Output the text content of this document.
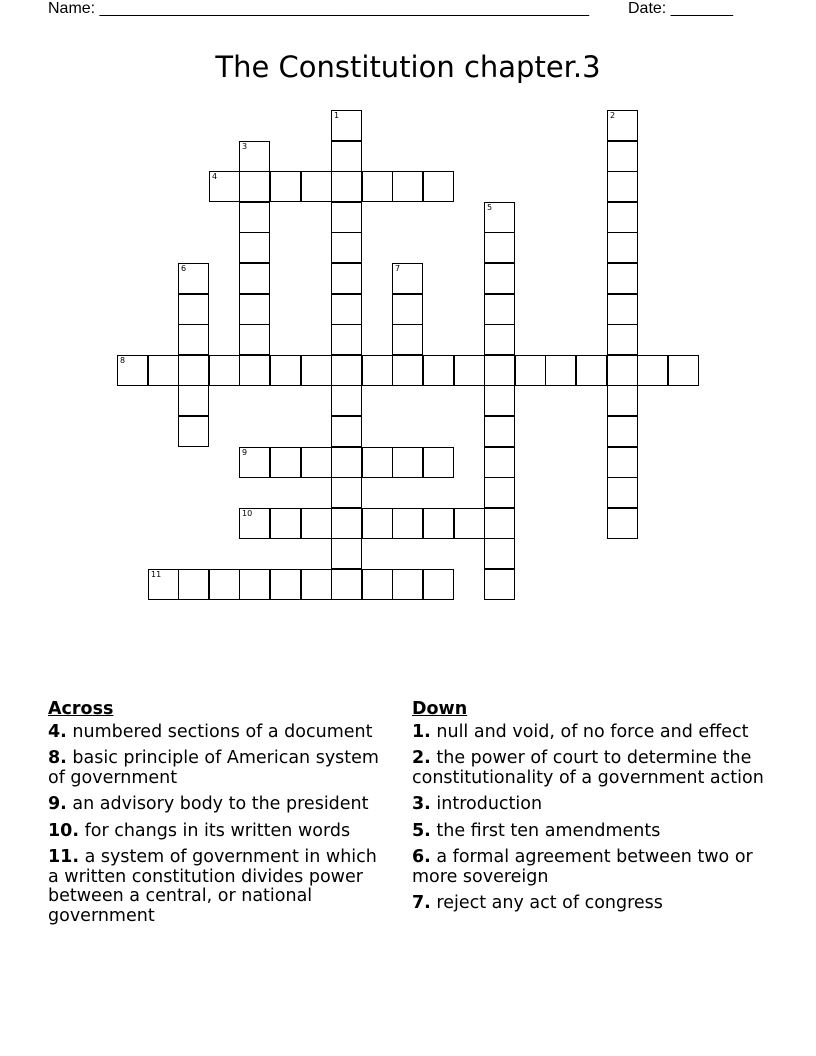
Name: _______________________________________________________ Date: _______
The Constitution chapter.3
1	2
3
4
5
6	7
8
9
10
11
Across
4. numbered sections of a document
8. basic principle of American system of government
9. an advisory body to the president
10. for changs in its written words
11. a system of government in which a written constitution divides power between a central, or national government
Down
1. null and void, of no force and effect
2. the power of court to determine the constitutionality of a government action
3. introduction
5. the first ten amendments
6. a formal agreement between two or more sovereign
7. reject any act of congress
